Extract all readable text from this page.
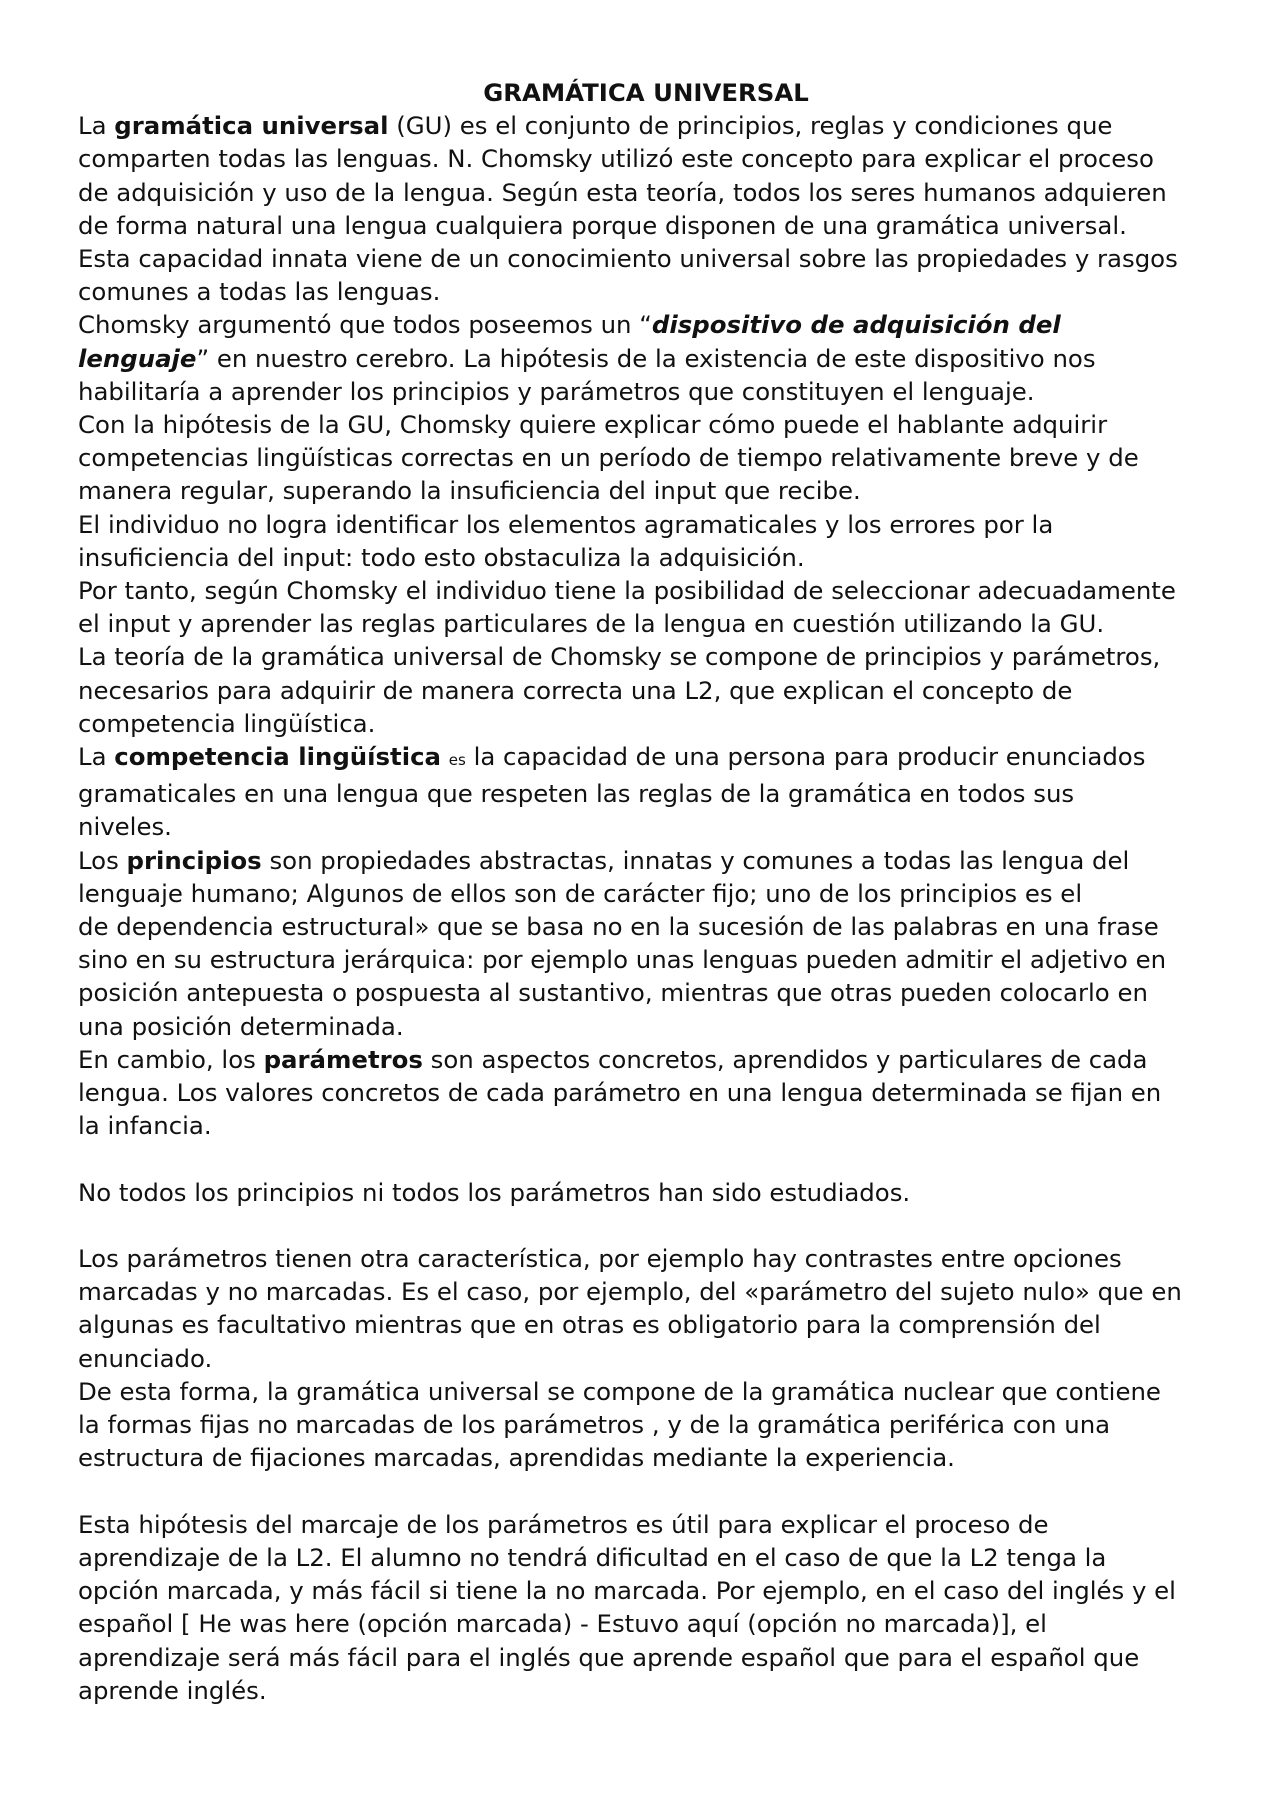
GRAMÁTICA UNIVERSAL
La gramática universal (GU) es el conjunto de principios, reglas y condiciones que
comparten todas las lenguas. N. Chomsky utilizó este concepto para explicar el proceso
de adquisición y uso de la lengua. Según esta teoría, todos los seres humanos adquieren
de forma natural una lengua cualquiera porque disponen de una gramática universal.
Esta capacidad innata viene de un conocimiento universal sobre las propiedades y rasgos
comunes a todas las lenguas.
Chomsky argumentó que todos poseemos un “dispositivo de adquisición del
lenguaje” en nuestro cerebro. La hipótesis de la existencia de este dispositivo nos
habilitaría a aprender los principios y parámetros que constituyen el lenguaje.
Con la hipótesis de la GU, Chomsky quiere explicar cómo puede el hablante adquirir
competencias lingüísticas correctas en un período de tiempo relativamente breve y de
manera regular, superando la insuficiencia del input que recibe.
El individuo no logra identificar los elementos agramaticales y los errores por la
insuficiencia del input: todo esto obstaculiza la adquisición.
Por tanto, según Chomsky el individuo tiene la posibilidad de seleccionar adecuadamente
el input y aprender las reglas particulares de la lengua en cuestión utilizando la GU.
La teoría de la gramática universal de Chomsky se compone de principios y parámetros,
necesarios para adquirir de manera correcta una L2, que explican el concepto de
competencia lingüística.
La competencia lingüística es la capacidad de una persona para producir enunciados
gramaticales en una lengua que respeten las reglas de la gramática en todos sus
niveles.
Los principios son propiedades abstractas, innatas y comunes a todas las lengua del
lenguaje humano; Algunos de ellos son de carácter fijo; uno de los principios es el
de dependencia estructural» que se basa no en la sucesión de las palabras en una frase
sino en su estructura jerárquica: por ejemplo unas lenguas pueden admitir el adjetivo en
posición antepuesta o pospuesta al sustantivo, mientras que otras pueden colocarlo en
una posición determinada.
En cambio, los parámetros son aspectos concretos, aprendidos y particulares de cada
lengua. Los valores concretos de cada parámetro en una lengua determinada se fijan en
la infancia.
No todos los principios ni todos los parámetros han sido estudiados.
Los parámetros tienen otra característica, por ejemplo hay contrastes entre opciones
marcadas y no marcadas. Es el caso, por ejemplo, del «parámetro del sujeto nulo» que en
algunas es facultativo mientras que en otras es obligatorio para la comprensión del
enunciado.
De esta forma, la gramática universal se compone de la gramática nuclear que contiene
la formas fijas no marcadas de los parámetros , y de la gramática periférica con una
estructura de fijaciones marcadas, aprendidas mediante la experiencia.
Esta hipótesis del marcaje de los parámetros es útil para explicar el proceso de
aprendizaje de la L2. El alumno no tendrá dificultad en el caso de que la L2 tenga la
opción marcada, y más fácil si tiene la no marcada. Por ejemplo, en el caso del inglés y el
español [ He was here (opción marcada) - Estuvo aquí (opción no marcada)], el
aprendizaje será más fácil para el inglés que aprende español que para el español que
aprende inglés.
